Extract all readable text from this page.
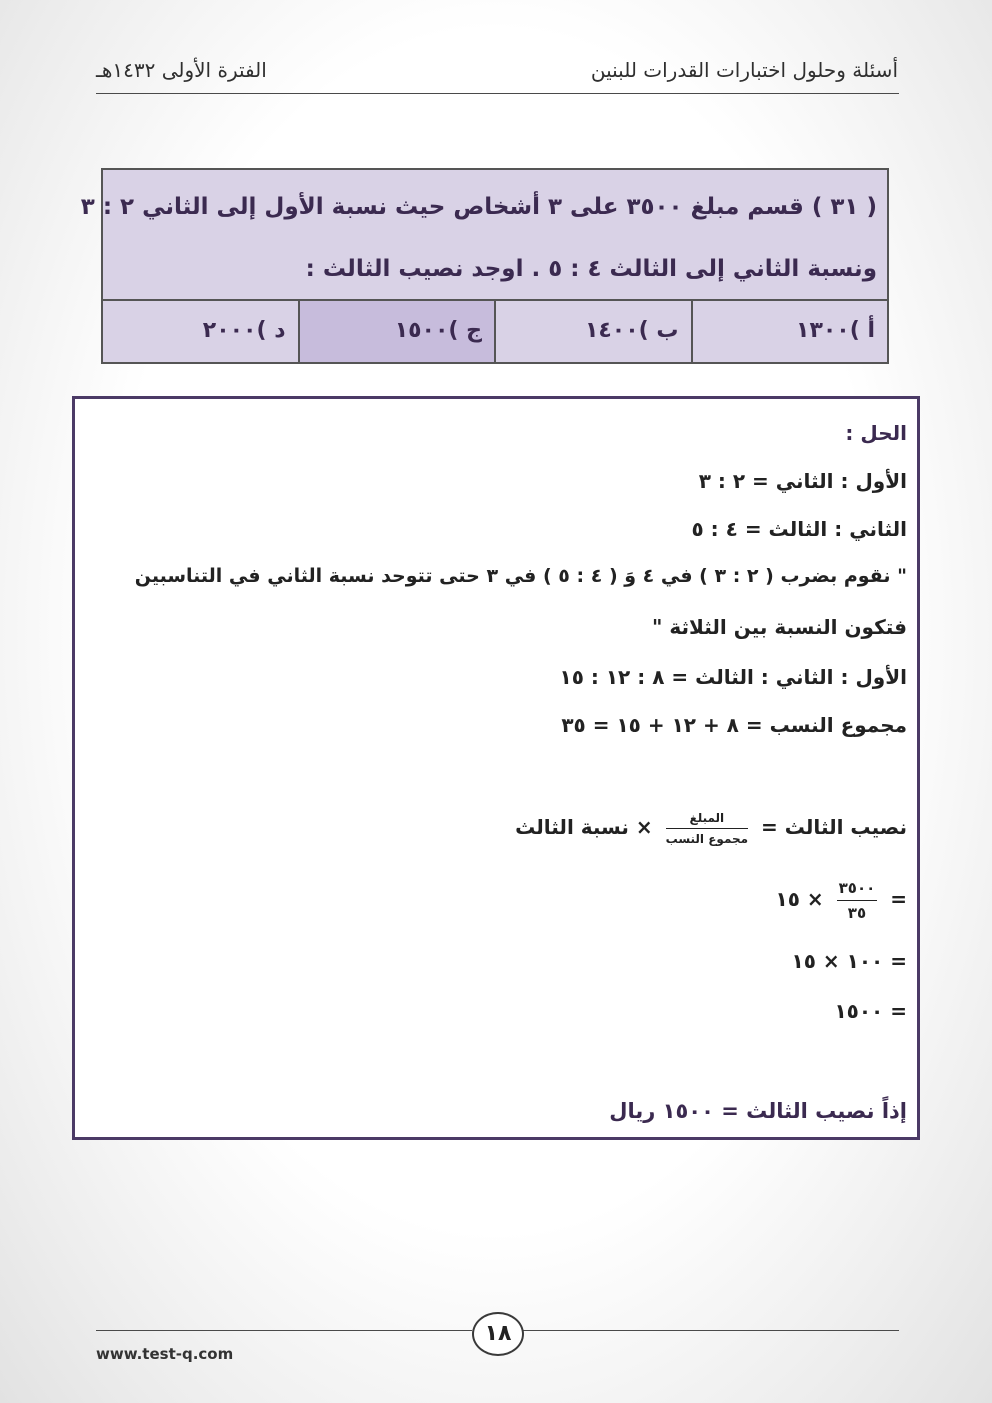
أسئلة وحلول اختبارات القدرات للبنين
الفترة الأولى ١٤٣٢هـ
( ٣١ ) قسم مبلغ ٣٥٠٠ على ٣ أشخاص حيث نسبة الأول إلى الثاني ٢ : ٣
ونسبة الثاني إلى الثالث ٤ : ٥ . اوجد نصيب الثالث :
أ )١٣٠٠
ب )١٤٠٠
ج )١٥٠٠
د )٢٠٠٠
الحل :
الأول : الثاني = ٢ : ٣
الثاني : الثالث = ٤ : ٥
" نقوم بضرب ( ٢ : ٣ ) في ٤ وَ ( ٤ : ٥ ) في ٣ حتى تتوحد نسبة الثاني في التناسبين
فتكون النسبة بين الثلاثة "
الأول : الثاني : الثالث = ٨ : ١٢ : ١٥
مجموع النسب = ٨ + ١٢ + ١٥ = ٣٥
نصيب الثالث =
$\frac{\text{المبلغ}}{\text{مجموع النسب}}$
× نسبة الثالث
=
$\frac{٣٥٠٠}{٣٥}$
× ١٥
= ١٠٠ × ١٥
= ١٥٠٠
إذاً نصيب الثالث = ١٥٠٠ ريال
١٨
www.test-q.com
